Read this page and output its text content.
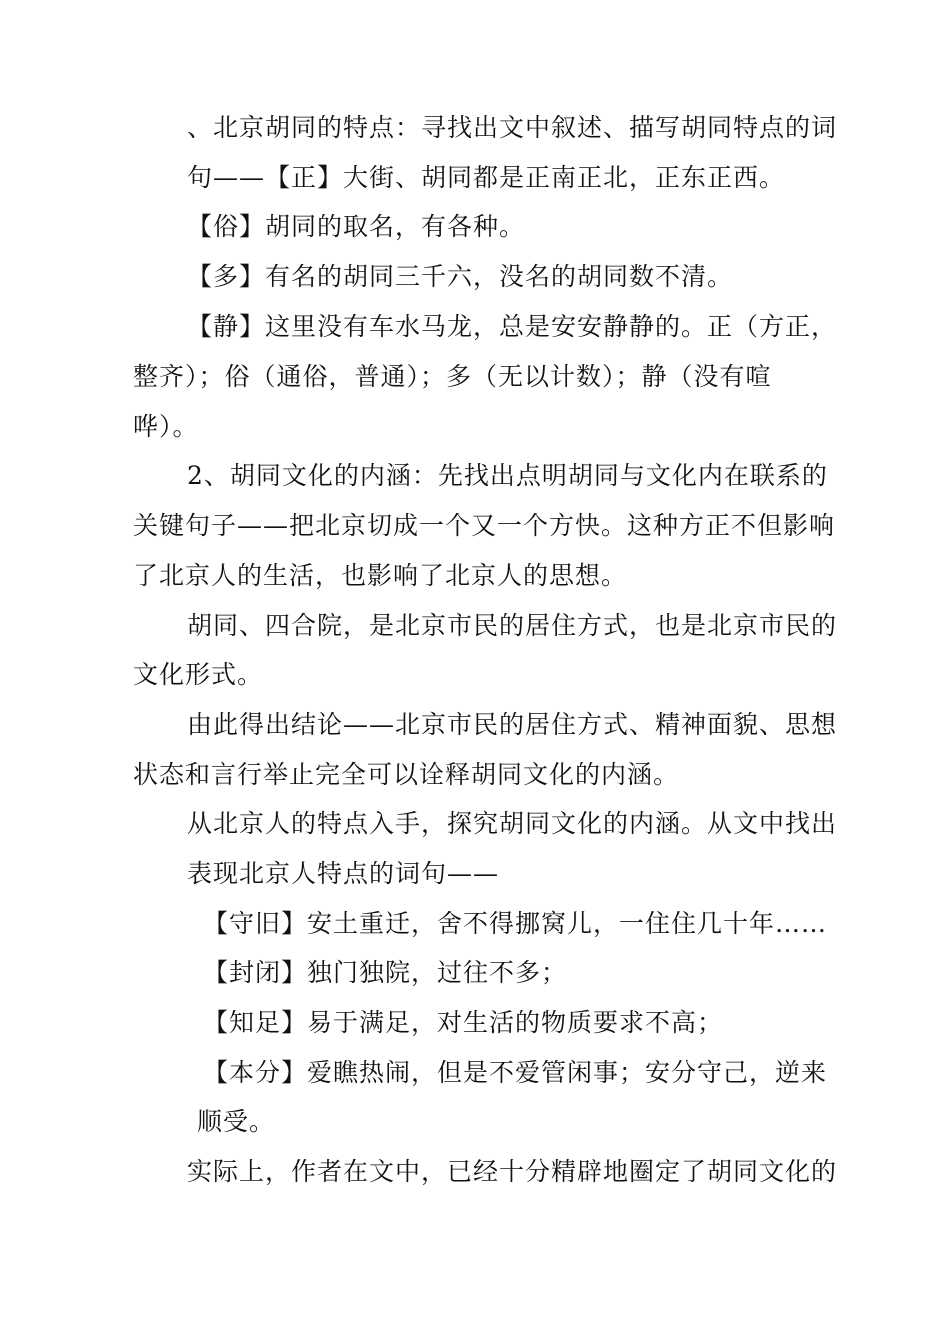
、北京胡同的特点：寻找出文中叙述、描写胡同特点的词
句——【正】大街、胡同都是正南正北，正东正西。
【俗】胡同的取名，有各种。
【多】有名的胡同三千六，没名的胡同数不清。
【静】这里没有车水马龙，总是安安静静的。正（方正，
整齐）；俗（通俗，普通）；多（无以计数）；静（没有喧
哗）。
2、胡同文化的内涵：先找出点明胡同与文化内在联系的
关键句子——把北京切成一个又一个方快。这种方正不但影响
了北京人的生活，也影响了北京人的思想。
胡同、四合院，是北京市民的居住方式，也是北京市民的
文化形式。
由此得出结论——北京市民的居住方式、精神面貌、思想
状态和言行举止完全可以诠释胡同文化的内涵。
从北京人的特点入手，探究胡同文化的内涵。从文中找出
表现北京人特点的词句——
【守旧】安土重迁，舍不得挪窝儿，一住住几十年……
【封闭】独门独院，过往不多；
【知足】易于满足，对生活的物质要求不高；
【本分】爱瞧热闹，但是不爱管闲事；安分守己，逆来
顺受。
实际上，作者在文中，已经十分精辟地圈定了胡同文化的
